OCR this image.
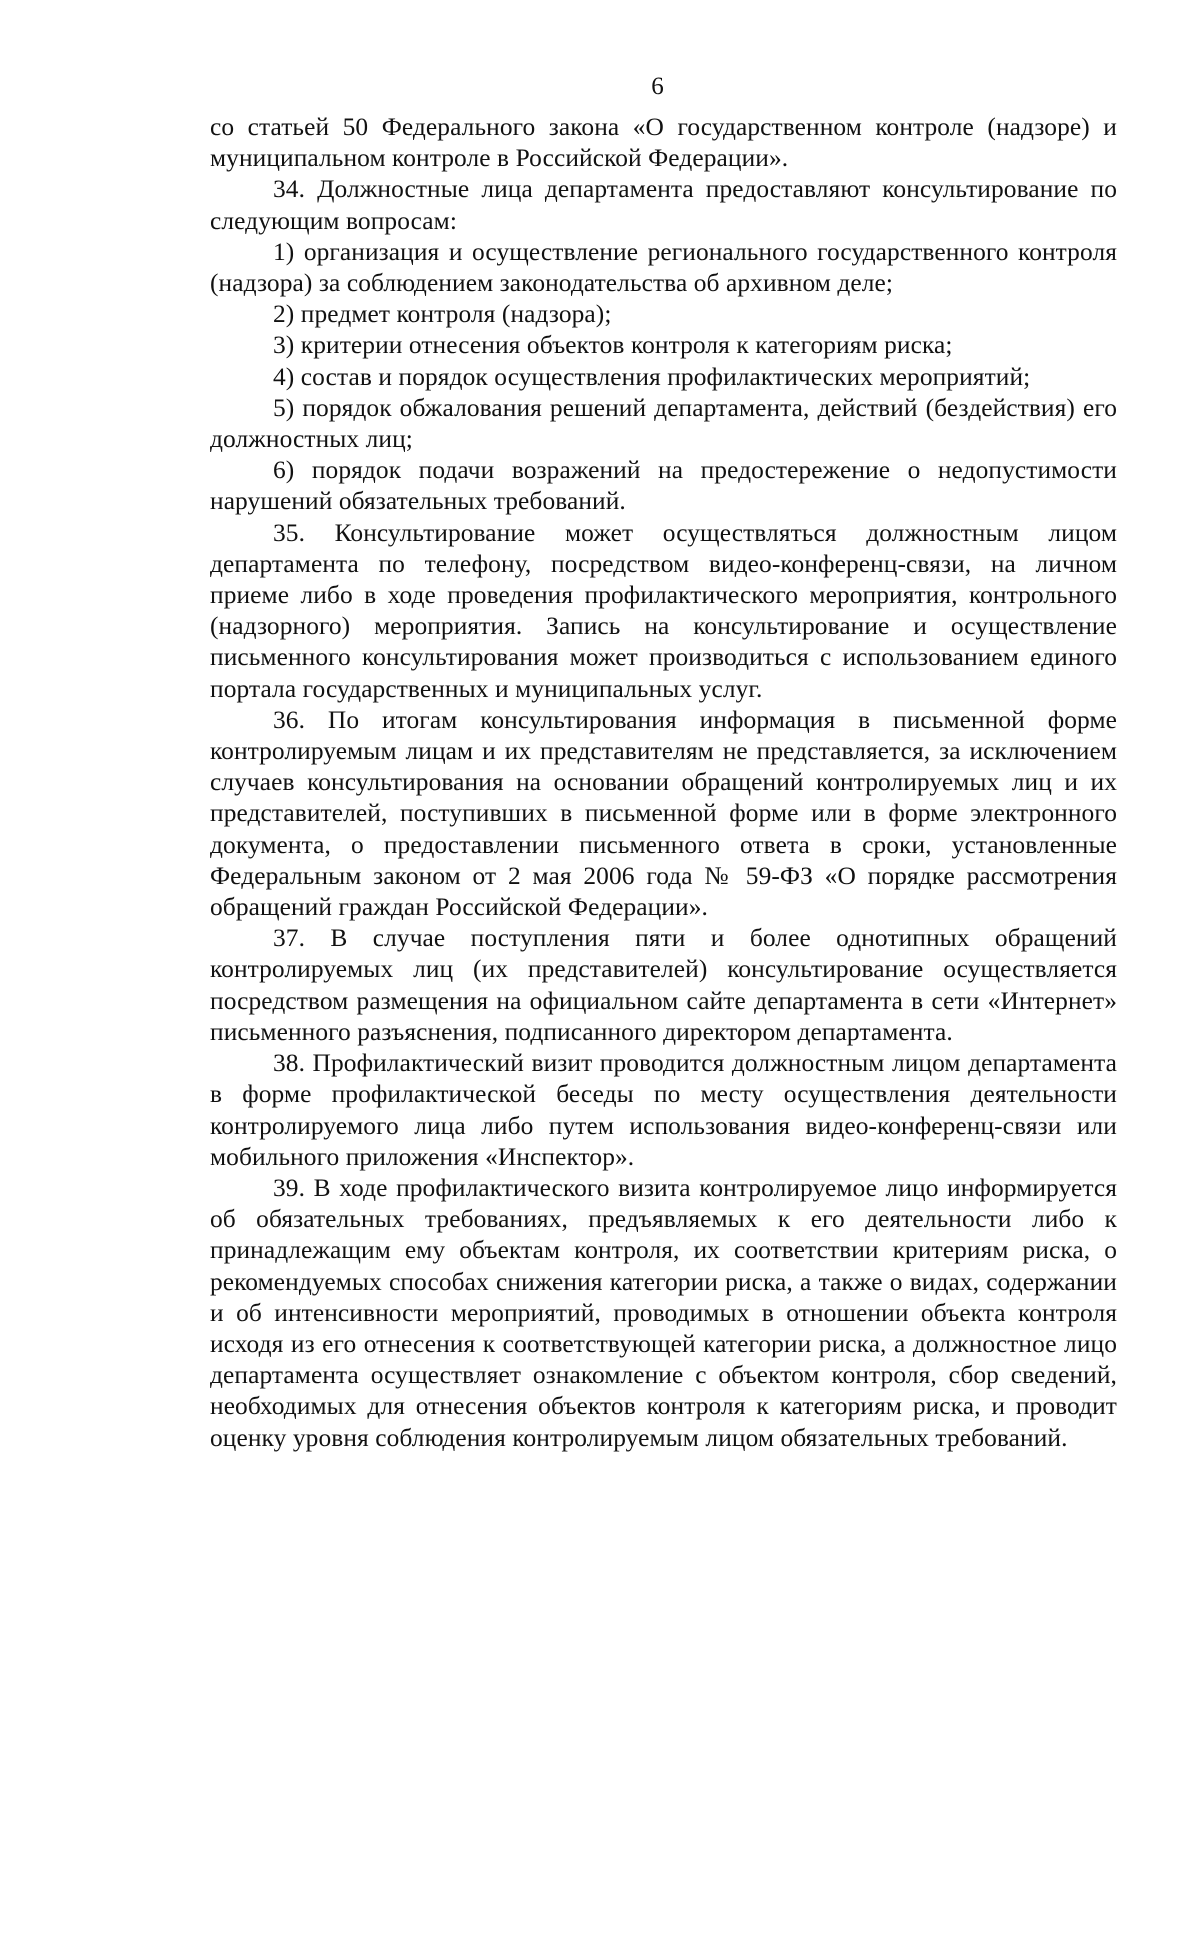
6

со статьей 50 Федерального закона «О государственном контроле (надзоре) и муниципальном контроле в Российской Федерации».

34. Должностные лица департамента предоставляют консультирование по следующим вопросам:

1) организация и осуществление регионального государственного контроля (надзора) за соблюдением законодательства об архивном деле;

2) предмет контроля (надзора);

3) критерии отнесения объектов контроля к категориям риска;

4) состав и порядок осуществления профилактических мероприятий;

5) порядок обжалования решений департамента, действий (бездействия) его должностных лиц;

6) порядок подачи возражений на предостережение о недопустимости нарушений обязательных требований.

35. Консультирование может осуществляться должностным лицом департамента по телефону, посредством видео-конференц-связи, на личном приеме либо в ходе проведения профилактического мероприятия, контрольного (надзорного) мероприятия. Запись на консультирование и осуществление письменного консультирования может производиться с использованием единого портала государственных и муниципальных услуг.

36. По итогам консультирования информация в письменной форме контролируемым лицам и их представителям не представляется, за исключением случаев консультирования на основании обращений контролируемых лиц и их представителей, поступивших в письменной форме или в форме электронного документа, о предоставлении письменного ответа в сроки, установленные Федеральным законом от 2 мая 2006 года № 59-ФЗ «О порядке рассмотрения обращений граждан Российской Федерации».

37. В случае поступления пяти и более однотипных обращений контролируемых лиц (их представителей) консультирование осуществляется посредством размещения на официальном сайте департамента в сети «Интернет» письменного разъяснения, подписанного директором департамента.

38. Профилактический визит проводится должностным лицом департамента в форме профилактической беседы по месту осуществления деятельности контролируемого лица либо путем использования видео-конференц-связи или мобильного приложения «Инспектор».

39. В ходе профилактического визита контролируемое лицо информируется об обязательных требованиях, предъявляемых к его деятельности либо к принадлежащим ему объектам контроля, их соответствии критериям риска, о рекомендуемых способах снижения категории риска, а также о видах, содержании и об интенсивности мероприятий, проводимых в отношении объекта контроля исходя из его отнесения к соответствующей категории риска, а должностное лицо департамента осуществляет ознакомление с объектом контроля, сбор сведений, необходимых для отнесения объектов контроля к категориям риска, и проводит оценку уровня соблюдения контролируемым лицом обязательных требований.
